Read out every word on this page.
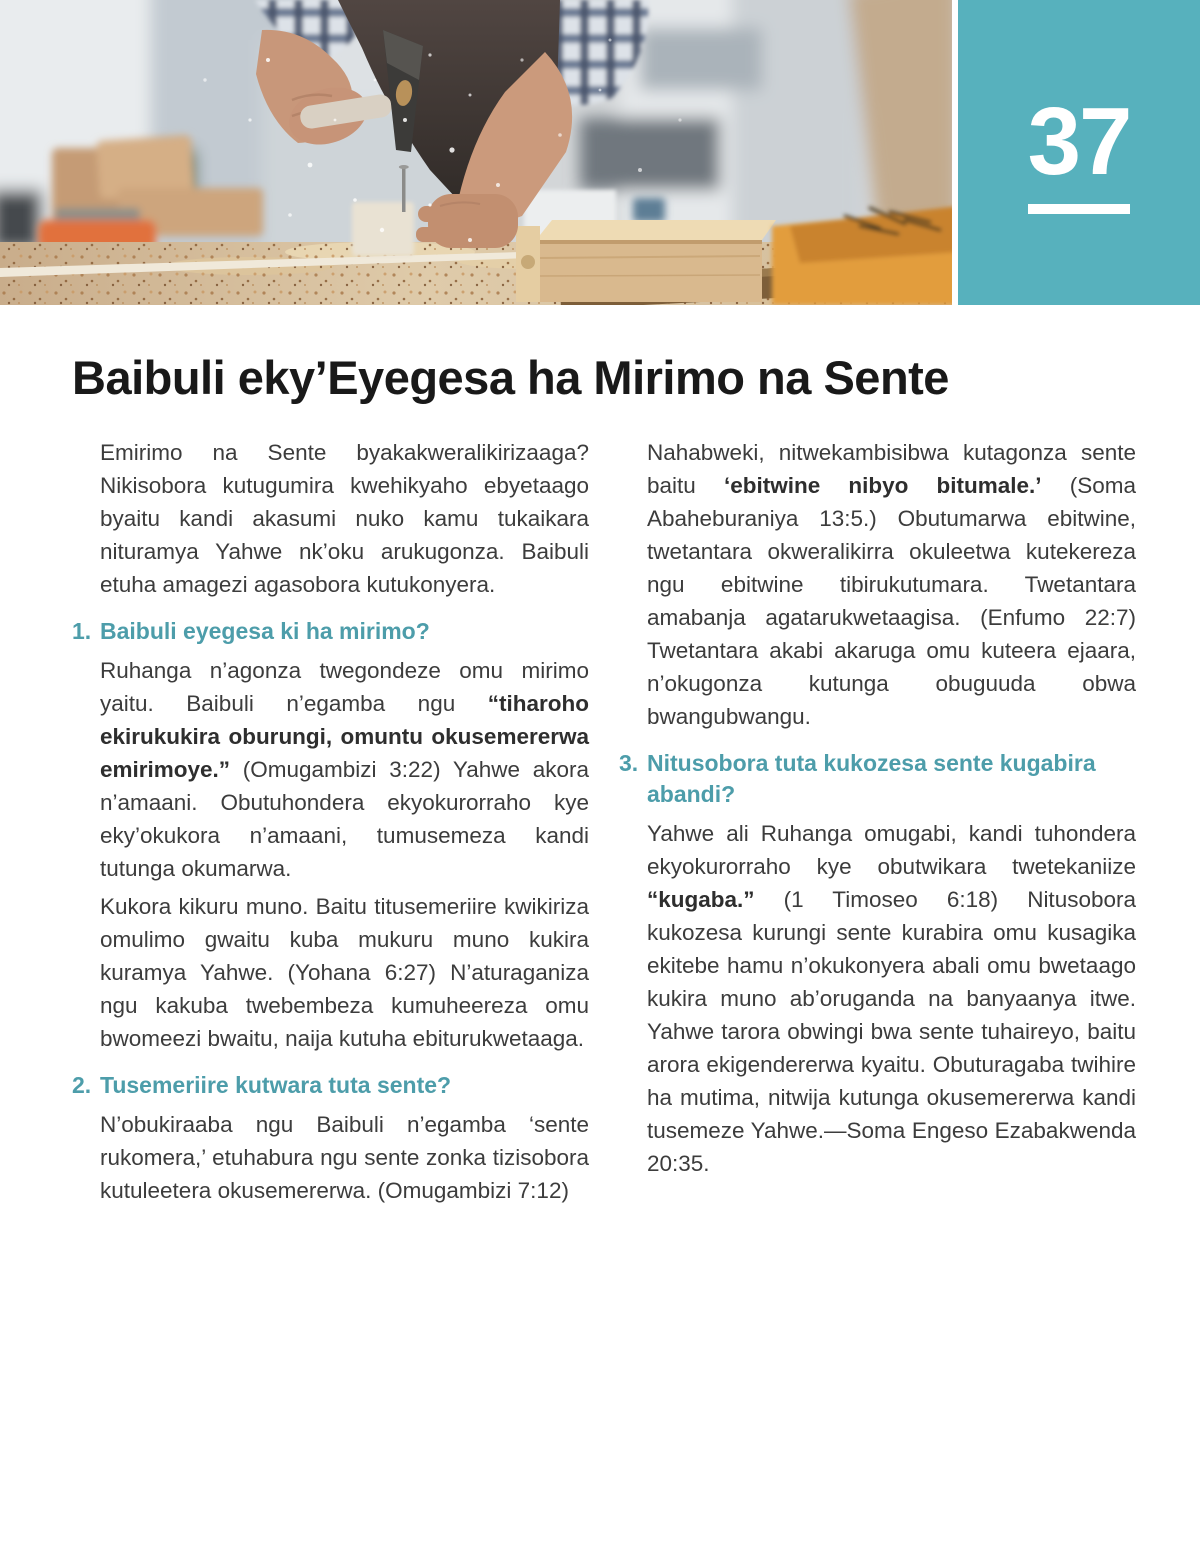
37
Baibuli eky’Eyegesa ha Mirimo na Sente

Emirimo na Sente byakakweralikirizaaga? Nikisobora kutugumira kwehikyaho ebyetaago byaitu kandi akasumi nuko kamu tukaikara nituramya Yahwe nk’oku arukugonza. Baibuli etuha amagezi agasobora kutukonyera.

1. Baibuli eyegesa ki ha mirimo?

Ruhanga n’agonza twegondeze omu mirimo yaitu. Baibuli n’egamba ngu “tiharoho ekirukukira oburungi, omuntu okusemererwa emirimoye.” (Omugambizi 3:22) Yahwe akora n’amaani. Obutuhondera ekyokurorraho kye eky’okukora n’amaani, tumusemeza kandi tutunga okumarwa.

Kukora kikuru muno. Baitu titusemeriire kwikiriza omulimo gwaitu kuba mukuru muno kukira kuramya Yahwe. (Yohana 6:27) N’aturaganiza ngu kakuba twebembeza kumuheereza omu bwomeezi bwaitu, naija kutuha ebiturukwetaaga.

2. Tusemeriire kutwara tuta sente?

N’obukiraaba ngu Baibuli n’egamba ‘sente rukomera,’ etuhabura ngu sente zonka tizisobora kutuleetera okusemererwa. (Omugambizi 7:12)

Nahabweki, nitwekambisibwa kutagonza sente baitu ‘ebitwine nibyo bitumale.’ (Soma Abaheburaniya 13:5.) Obutumarwa ebitwine, twetantara okweralikirra okuleetwa kutekereza ngu ebitwine tibirukutumara. Twetantara amabanja agatarukwetaagisa. (Enfumo 22:7) Twetantara akabi akaruga omu kuteera ejaara, n’okugonza kutunga obuguuda obwa bwangubwangu.

3. Nitusobora tuta kukozesa sente kugabira abandi?

Yahwe ali Ruhanga omugabi, kandi tuhondera ekyokurorraho kye obutwikara twetekaniize “kugaba.” (1 Timoseo 6:18) Nitusobora kukozesa kurungi sente kurabira omu kusagika ekitebe hamu n’okukonyera abali omu bwetaago kukira muno ab’oruganda na banyaanya itwe. Yahwe tarora obwingi bwa sente tuhaireyo, baitu arora ekigendererwa kyaitu. Obuturagaba twihire ha mutima, nitwija kutunga okusemererwa kandi tusemeze Yahwe.—Soma Engeso Ezabakwenda 20:35.
